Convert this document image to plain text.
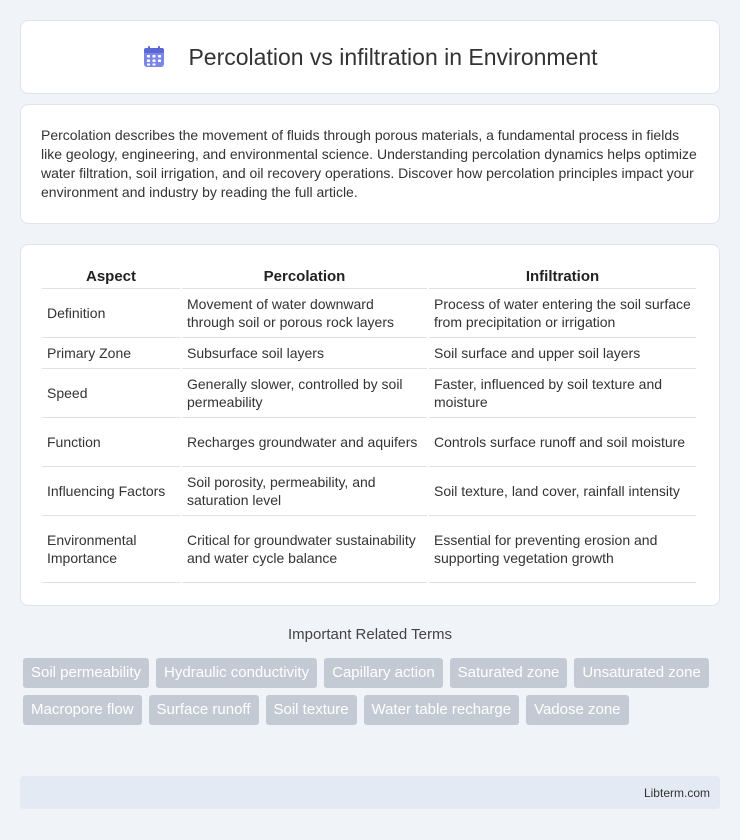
Percolation vs infiltration in Environment

Percolation describes the movement of fluids through porous materials, a fundamental process in fields like geology, engineering, and environmental science. Understanding percolation dynamics helps optimize water filtration, soil irrigation, and oil recovery operations. Discover how percolation principles impact your environment and industry by reading the full article.

Aspect	Percolation	Infiltration
Definition	Movement of water downward through soil or porous rock layers	Process of water entering the soil surface from precipitation or irrigation
Primary Zone	Subsurface soil layers	Soil surface and upper soil layers
Speed	Generally slower, controlled by soil permeability	Faster, influenced by soil texture and moisture
Function	Recharges groundwater and aquifers	Controls surface runoff and soil moisture
Influencing Factors	Soil porosity, permeability, and saturation level	Soil texture, land cover, rainfall intensity
Environmental Importance	Critical for groundwater sustainability and water cycle balance	Essential for preventing erosion and supporting vegetation growth
Important Related Terms
Soil permeability	Hydraulic conductivity	Capillary action	Saturated zone	Unsaturated zone
Macropore flow	Surface runoff	Soil texture	Water table recharge	Vadose zone
Libterm.com
